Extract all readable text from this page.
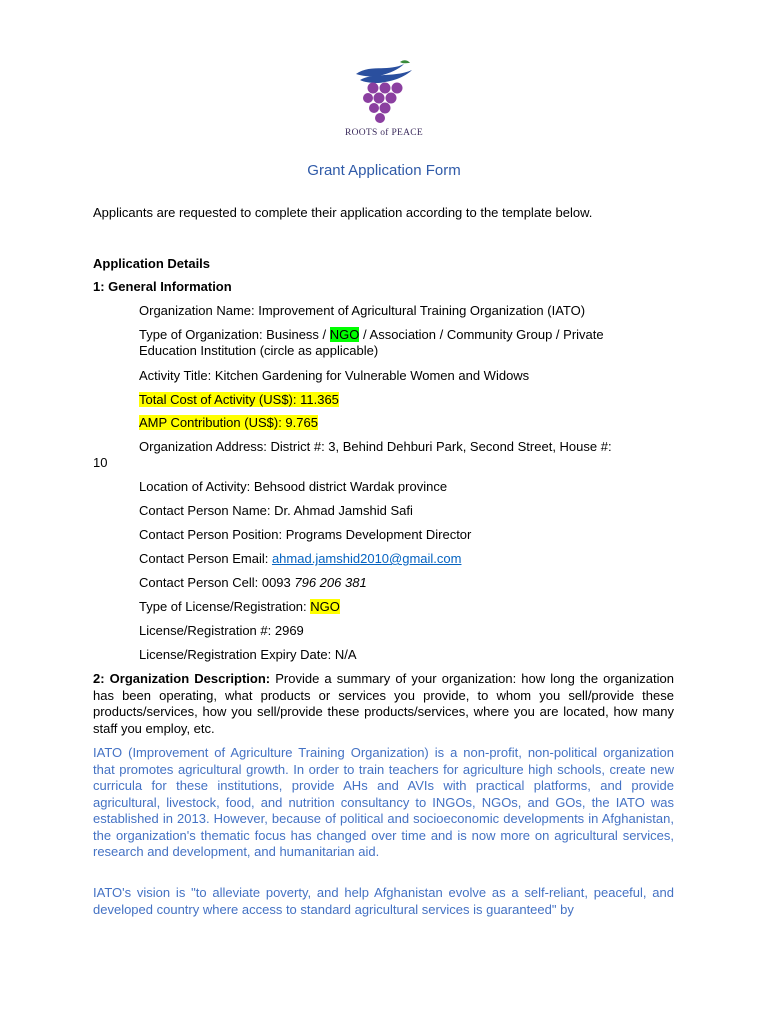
ROOTS of PEACE
Grant Application Form

Applicants are requested to complete their application according to the template below.

Application Details

1: General Information

Organization Name: Improvement of Agricultural Training Organization (IATO)

Type of Organization: Business / NGO / Association / Community Group / Private

Education Institution (circle as applicable)

Activity Title: Kitchen Gardening for Vulnerable Women and Widows

Total Cost of Activity (US$): 11.365

AMP Contribution (US$): 9.765

Organization Address: District #: 3, Behind Dehburi Park, Second Street, House #:

10

Location of Activity: Behsood district Wardak province

Contact Person Name: Dr. Ahmad Jamshid Safi

Contact Person Position: Programs Development Director

Contact Person Email: ahmad.jamshid2010@gmail.com

Contact Person Cell: 0093 796 206 381

Type of License/Registration: NGO

License/Registration #: 2969

License/Registration Expiry Date: N/A

2: Organization Description: Provide a summary of your organization: how long the organization has been operating, what products or services you provide, to whom you sell/provide these products/services, how you sell/provide these products/services, where you are located, how many staff you employ, etc.

IATO (Improvement of Agriculture Training Organization) is a non-profit, non-political organization that promotes agricultural growth. In order to train teachers for agriculture high schools, create new curricula for these institutions, provide AHs and AVIs with practical platforms, and provide agricultural, livestock, food, and nutrition consultancy to INGOs, NGOs, and GOs, the IATO was established in 2013. However, because of political and socioeconomic developments in Afghanistan, the organization's thematic focus has changed over time and is now more on agricultural services, research and development, and humanitarian aid.

IATO's vision is "to alleviate poverty, and help Afghanistan evolve as a self-reliant, peaceful, and developed country where access to standard agricultural services is guaranteed" by
